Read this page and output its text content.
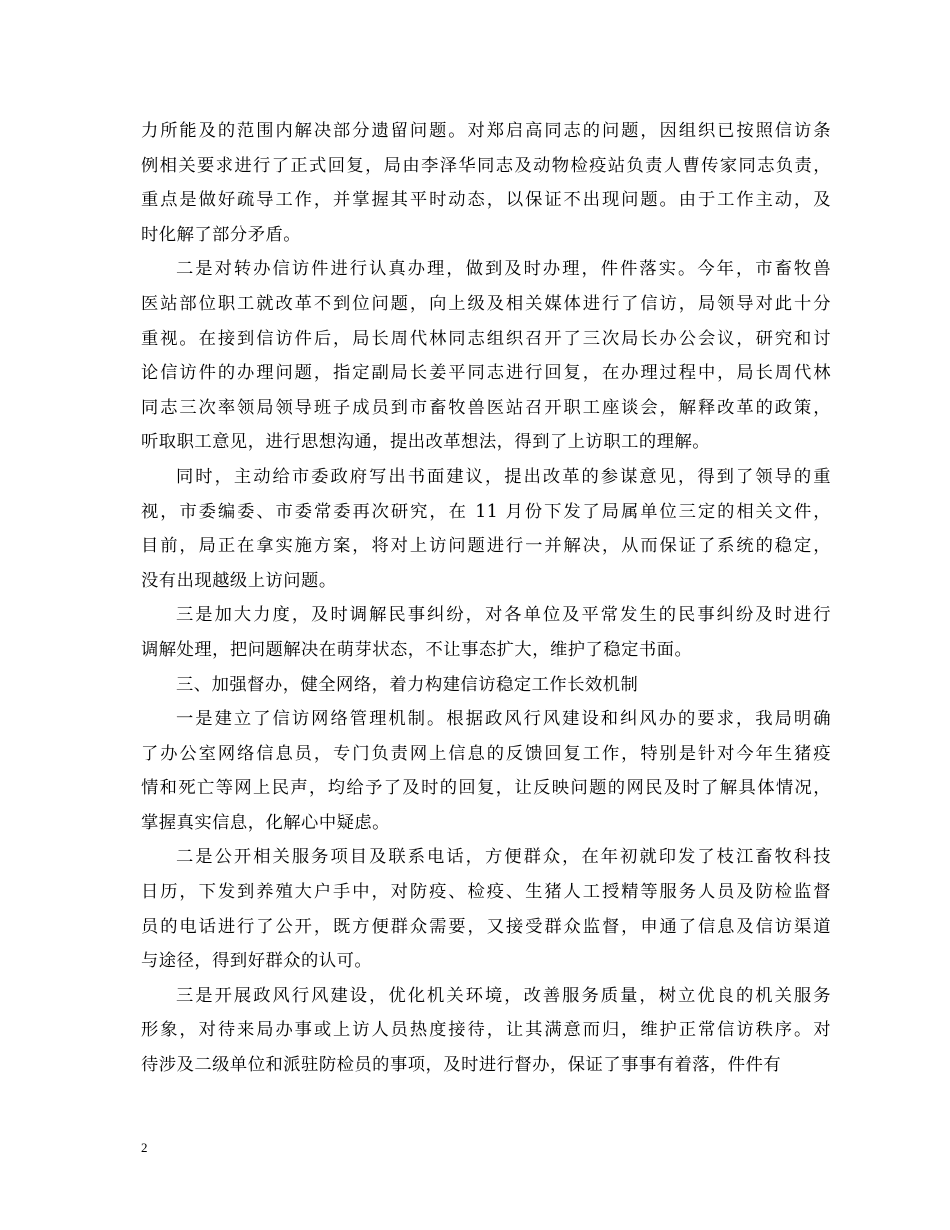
力所能及的范围内解决部分遗留问题。对郑启高同志的问题，因组织已按照信访条
例相关要求进行了正式回复，局由李泽华同志及动物检疫站负责人曹传家同志负责，
重点是做好疏导工作，并掌握其平时动态，以保证不出现问题。由于工作主动，及
时化解了部分矛盾。
二是对转办信访件进行认真办理，做到及时办理，件件落实。今年，市畜牧兽
医站部位职工就改革不到位问题，向上级及相关媒体进行了信访，局领导对此十分
重视。在接到信访件后，局长周代林同志组织召开了三次局长办公会议，研究和讨
论信访件的办理问题，指定副局长姜平同志进行回复，在办理过程中，局长周代林
同志三次率领局领导班子成员到市畜牧兽医站召开职工座谈会，解释改革的政策，
听取职工意见，进行思想沟通，提出改革想法，得到了上访职工的理解。
同时，主动给市委政府写出书面建议，提出改革的参谋意见，得到了领导的重
视，市委编委、市委常委再次研究，在 11 月份下发了局属单位三定的相关文件，
目前，局正在拿实施方案，将对上访问题进行一并解决，从而保证了系统的稳定，
没有出现越级上访问题。
三是加大力度，及时调解民事纠纷，对各单位及平常发生的民事纠纷及时进行
调解处理，把问题解决在萌芽状态，不让事态扩大，维护了稳定书面。
三、加强督办，健全网络，着力构建信访稳定工作长效机制
一是建立了信访网络管理机制。根据政风行风建设和纠风办的要求，我局明确
了办公室网络信息员，专门负责网上信息的反馈回复工作，特别是针对今年生猪疫
情和死亡等网上民声，均给予了及时的回复，让反映问题的网民及时了解具体情况，
掌握真实信息，化解心中疑虑。
二是公开相关服务项目及联系电话，方便群众，在年初就印发了枝江畜牧科技
日历，下发到养殖大户手中，对防疫、检疫、生猪人工授精等服务人员及防检监督
员的电话进行了公开，既方便群众需要，又接受群众监督，申通了信息及信访渠道
与途径，得到好群众的认可。
三是开展政风行风建设，优化机关环境，改善服务质量，树立优良的机关服务
形象，对待来局办事或上访人员热度接待，让其满意而归，维护正常信访秩序。对
待涉及二级单位和派驻防检员的事项，及时进行督办，保证了事事有着落，件件有
2
